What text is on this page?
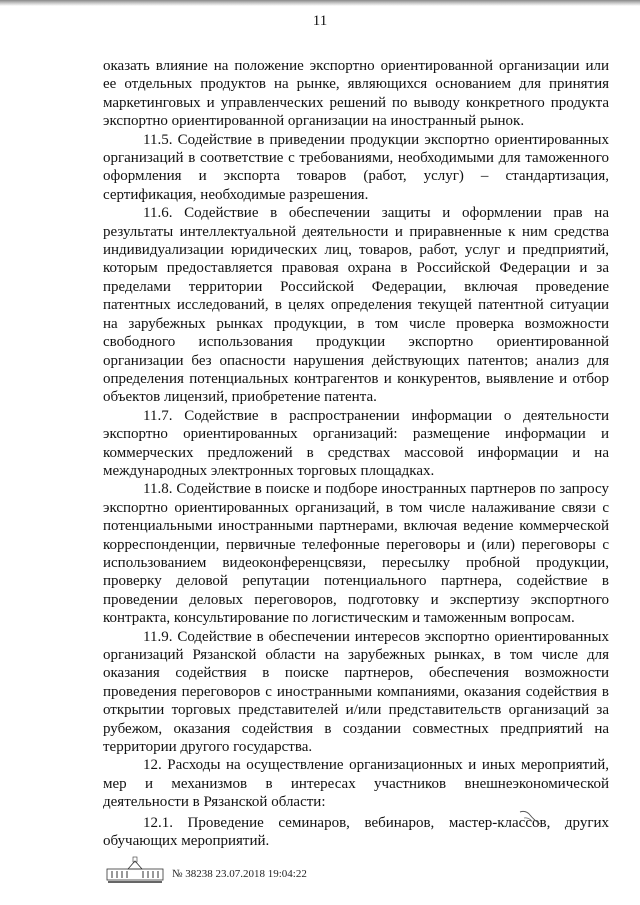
11

оказать влияние на положение экспортно ориентированной организации или ее отдельных продуктов на рынке, являющихся основанием для принятия маркетинговых и управленческих решений по выводу конкретного продукта экспортно ориентированной организации на иностранный рынок.

11.5. Содействие в приведении продукции экспортно ориентированных организаций в соответствие с требованиями, необходимыми для таможенного оформления и экспорта товаров (работ, услуг) – стандартизация, сертификация, необходимые разрешения.

11.6. Содействие в обеспечении защиты и оформлении прав на результаты интеллектуальной деятельности и приравненные к ним средства индивидуализации юридических лиц, товаров, работ, услуг и предприятий, которым предоставляется правовая охрана в Российской Федерации и за пределами территории Российской Федерации, включая проведение патентных исследований, в целях определения текущей патентной ситуации на зарубежных рынках продукции, в том числе проверка возможности свободного использования продукции экспортно ориентированной организации без опасности нарушения действующих патентов; анализ для определения потенциальных контрагентов и конкурентов, выявление и отбор объектов лицензий, приобретение патента.

11.7. Содействие в распространении информации о деятельности экспортно ориентированных организаций: размещение информации и коммерческих предложений в средствах массовой информации и на международных электронных торговых площадках.

11.8. Содействие в поиске и подборе иностранных партнеров по запросу экспортно ориентированных организаций, в том числе налаживание связи с потенциальными иностранными партнерами, включая ведение коммерческой корреспонденции, первичные телефонные переговоры и (или) переговоры с использованием видеоконференцсвязи, пересылку пробной продукции, проверку деловой репутации потенциального партнера, содействие в проведении деловых переговоров, подготовку и экспертизу экспортного контракта, консультирование по логистическим и таможенным вопросам.

11.9. Содействие в обеспечении интересов экспортно ориентированных организаций Рязанской области на зарубежных рынках, в том числе для оказания содействия в поиске партнеров, обеспечения возможности проведения переговоров с иностранными компаниями, оказания содействия в открытии торговых представителей и/или представительств организаций за рубежом, оказания содействия в создании совместных предприятий на территории другого государства.

12. Расходы на осуществление организационных и иных мероприятий, мер и механизмов в интересах участников внешнеэкономической деятельности в Рязанской области:

12.1. Проведение семинаров, вебинаров, мастер-классов, других обучающих мероприятий.

№ 38238 23.07.2018 19:04:22
